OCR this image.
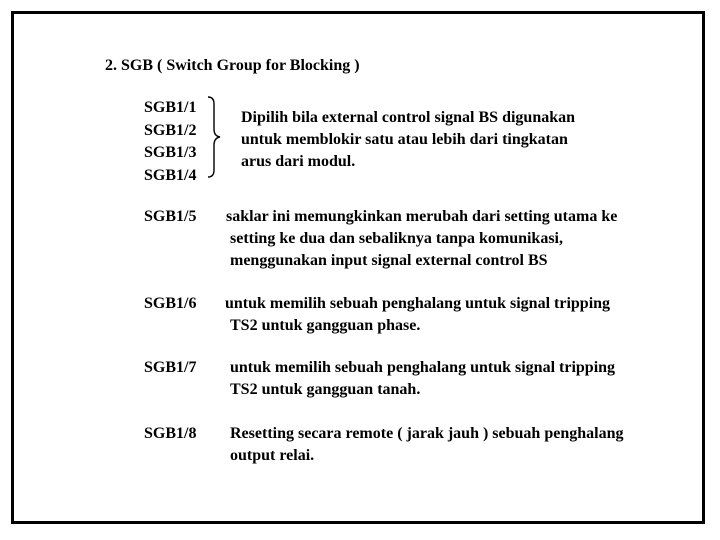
2. SGB ( Switch Group for Blocking )
SGB1/1
SGB1/2
SGB1/3
SGB1/4
Dipilih bila external control signal BS digunakan
untuk memblokir satu atau lebih dari tingkatan
arus dari modul.
SGB1/5 saklar ini memungkinkan merubah dari setting utama ke
setting ke dua dan sebaliknya tanpa komunikasi,
menggunakan input signal external control BS
SGB1/6 untuk memilih sebuah penghalang untuk signal tripping
TS2 untuk gangguan phase.
SGB1/7 untuk memilih sebuah penghalang untuk signal tripping
TS2 untuk gangguan tanah.
SGB1/8 Resetting secara remote ( jarak jauh ) sebuah penghalang
output relai.
